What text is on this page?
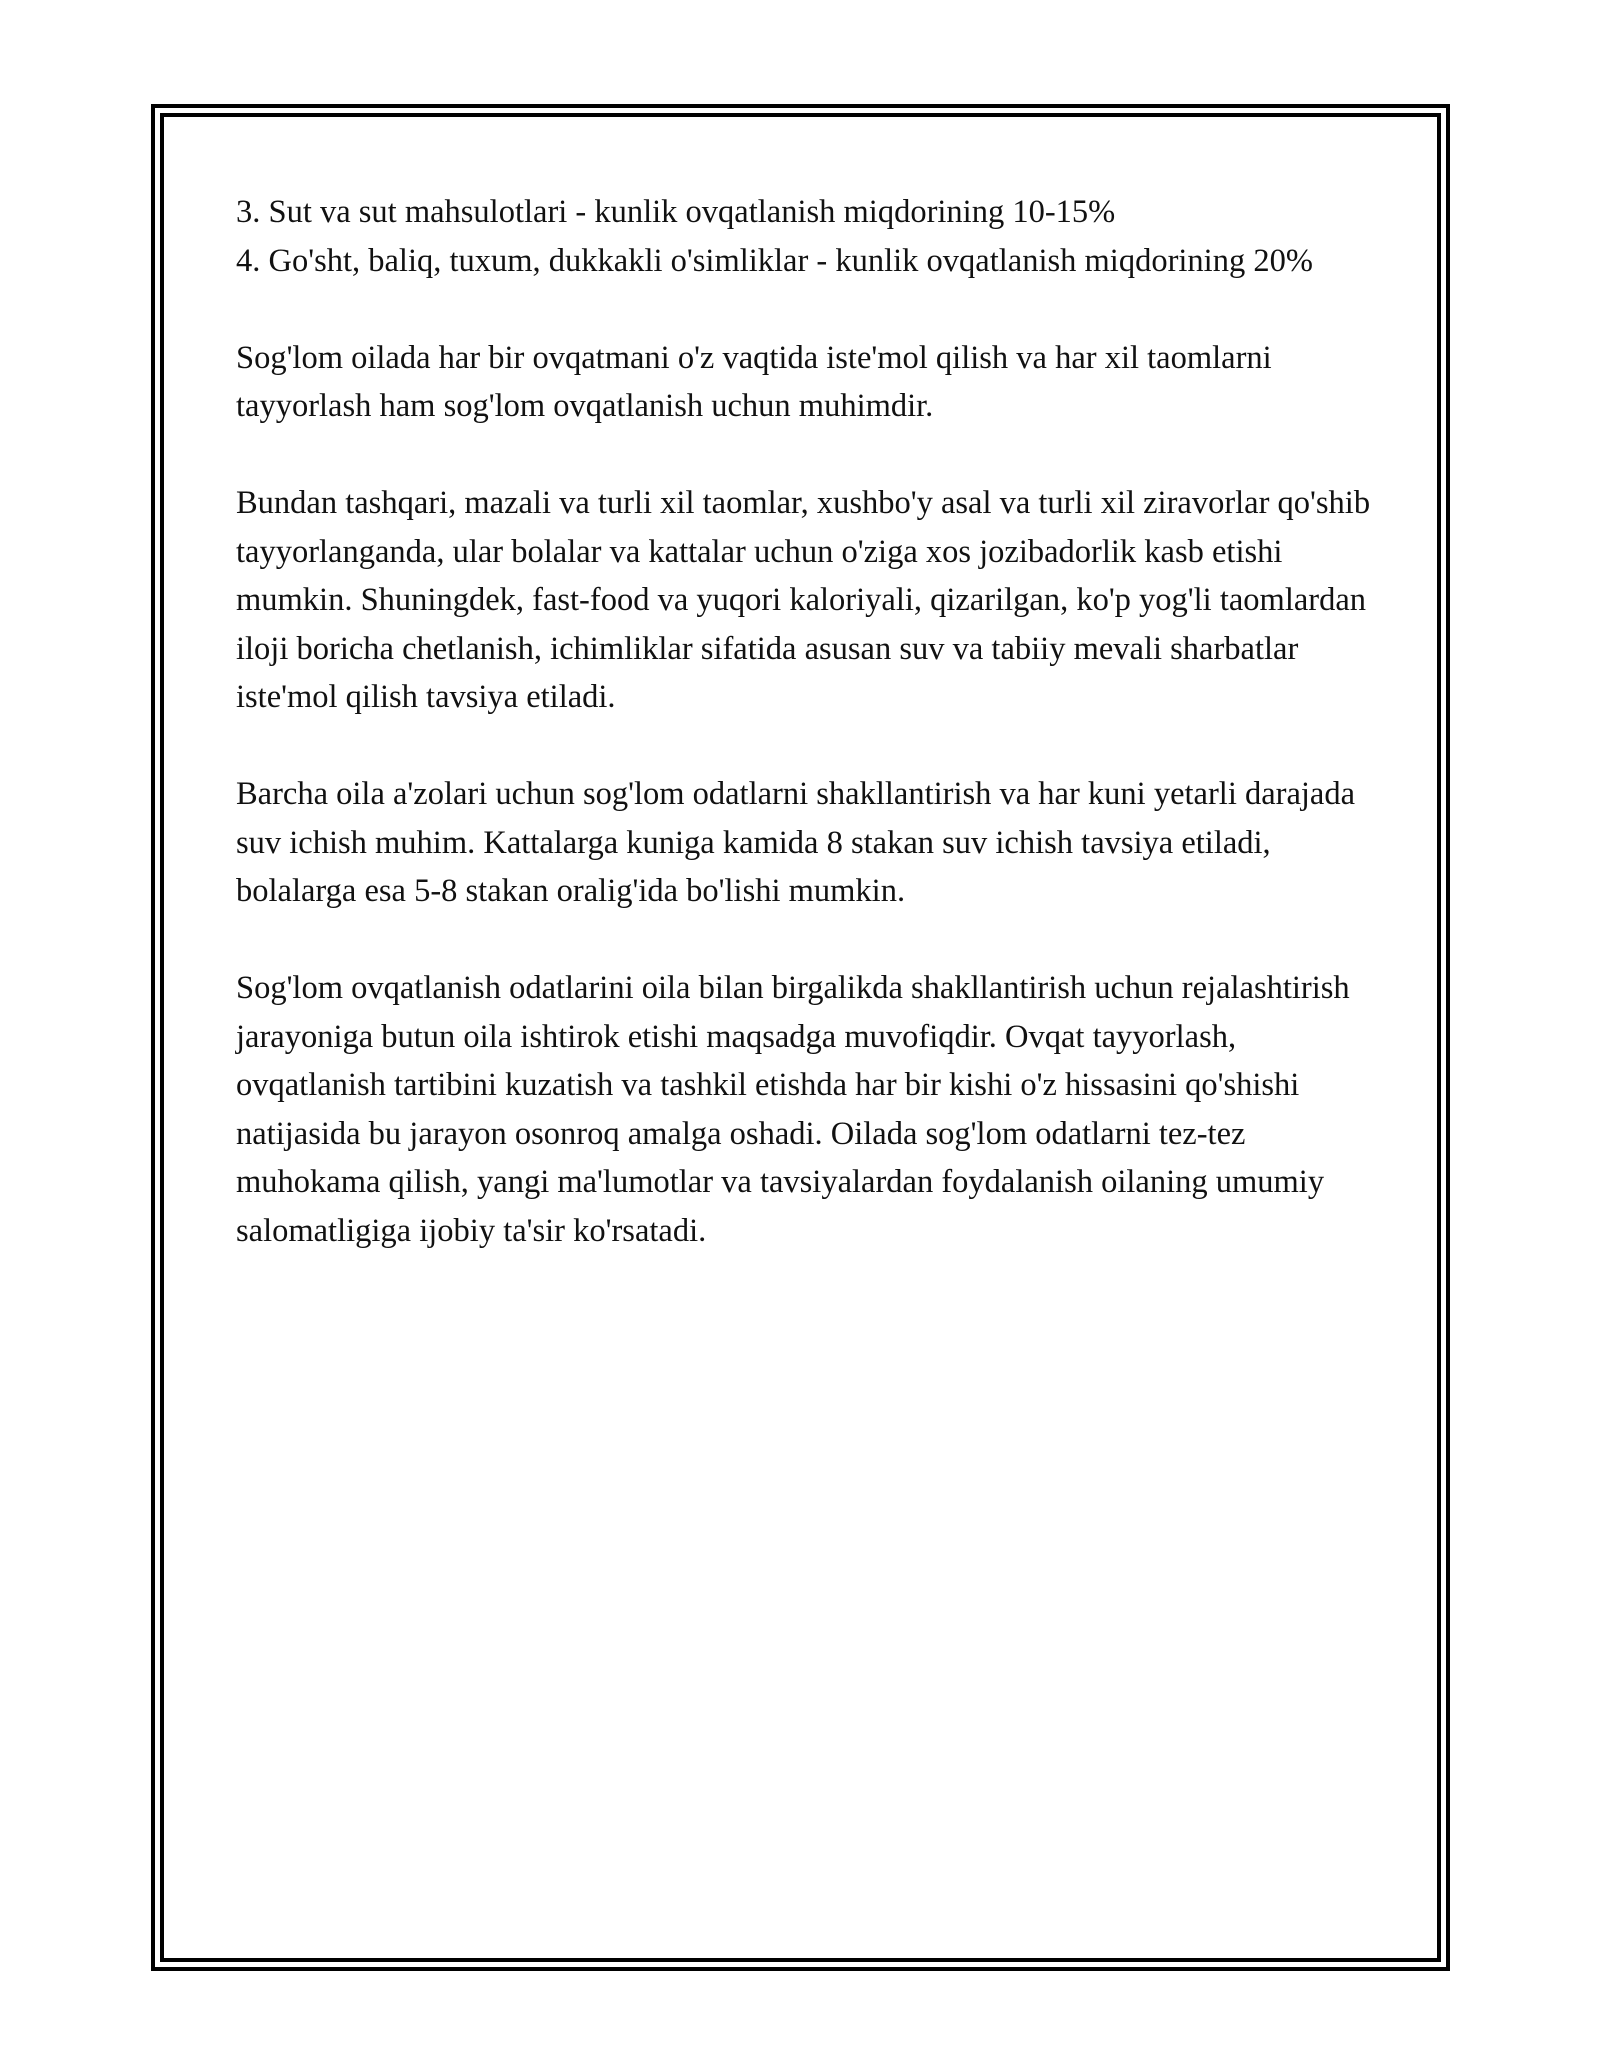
3. Sut va sut mahsulotlari - kunlik ovqatlanish miqdorining 10-15%
4. Go'sht, baliq, tuxum, dukkakli o'simliklar - kunlik ovqatlanish miqdorining 20%

Sog'lom oilada har bir ovqatmani o'z vaqtida iste'mol qilish va har xil taomlarni tayyorlash ham sog'lom ovqatlanish uchun muhimdir.

Bundan tashqari, mazali va turli xil taomlar, xushbo'y asal va turli xil ziravorlar qo'shib tayyorlanganda, ular bolalar va kattalar uchun o'ziga xos jozibadorlik kasb etishi mumkin. Shuningdek, fast-food va yuqori kaloriyali, qizarilgan, ko'p yog'li taomlardan iloji boricha chetlanish, ichimliklar sifatida asusan suv va tabiiy mevali sharbatlar iste'mol qilish tavsiya etiladi.

Barcha oila a'zolari uchun sog'lom odatlarni shakllantirish va har kuni yetarli darajada suv ichish muhim. Kattalarga kuniga kamida 8 stakan suv ichish tavsiya etiladi, bolalarga esa 5-8 stakan oralig'ida bo'lishi mumkin.

Sog'lom ovqatlanish odatlarini oila bilan birgalikda shakllantirish uchun rejalashtirish jarayoniga butun oila ishtirok etishi maqsadga muvofiqdir. Ovqat tayyorlash, ovqatlanish tartibini kuzatish va tashkil etishda har bir kishi o'z hissasini qo'shishi natijasida bu jarayon osonroq amalga oshadi. Oilada sog'lom odatlarni tez-tez muhokama qilish, yangi ma'lumotlar va tavsiyalardan foydalanish oilaning umumiy salomatligiga ijobiy ta'sir ko'rsatadi.
